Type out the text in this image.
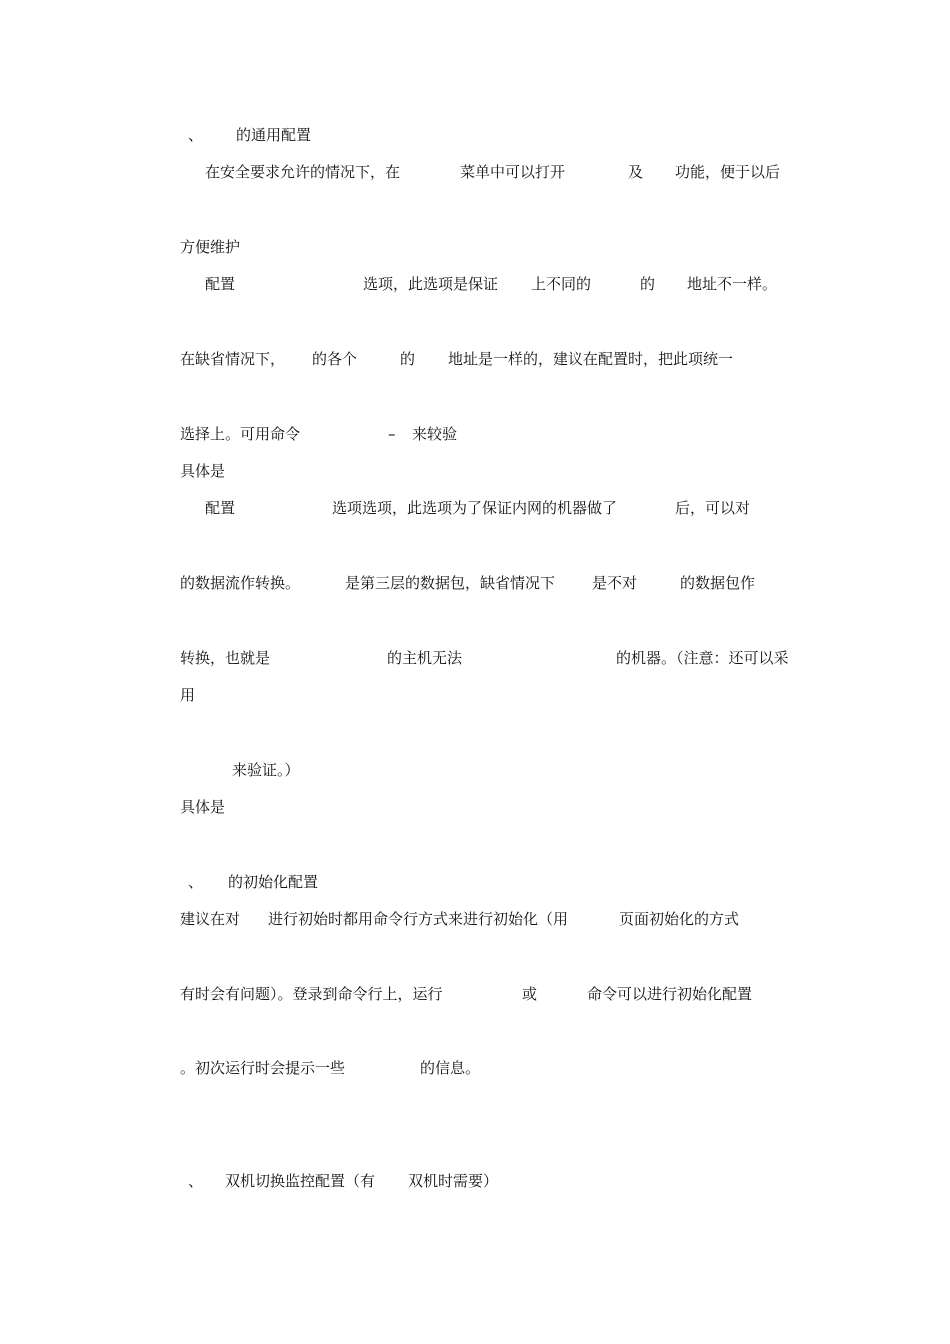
、 的通用配置
在安全要求允许的情况下，在	菜单中可以打开	及 功能，便于以后
方便维护
配置	选项，此选项是保证 上不同的	的 地址不一样。
在缺省情况下， 的各个	的 地址是一样的，建议在配置时，把此项统一
选择上。可用命令	– 来较验
具体是
配置	选项选项，此选项为了保证内网的机器做了	后，可以对
的数据流作转换。	是第三层的数据包，缺省情况下 是不对	的数据包作
转换，也就是	的主机无法	的机器。（注意：还可以采
用
来验证。）
具体是
、 的初始化配置
建议在对 进行初始时都用命令行方式来进行初始化（用	页面初始化的方式
有时会有问题）。登录到命令行上，运行	或	命令可以进行初始化配置
。初次运行时会提示一些	的信息。
、 双机切换监控配置（有 双机时需要）
